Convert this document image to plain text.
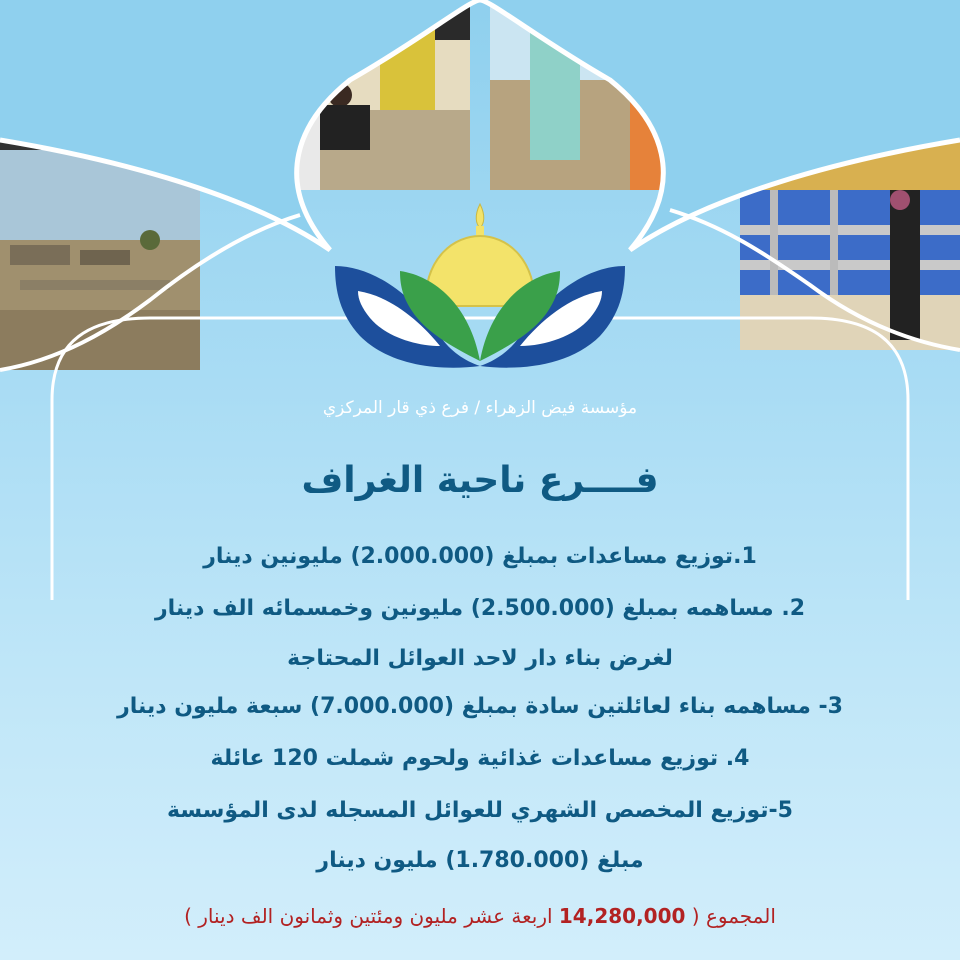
مؤسسة فيض الزهراء / فرع ذي قار المركزي
فــــرع ناحية الغراف
1.توزيع مساعدات بمبلغ (2.000.000) مليونين دينار
2. مساهمه بمبلغ (2.500.000) مليونين وخمسمائه الف دينار
لغرض بناء دار لاحد العوائل المحتاجة
3- مساهمه بناء لعائلتين سادة بمبلغ (7.000.000) سبعة مليون دينار
4. توزيع مساعدات غذائية ولحوم شملت 120 عائلة
5-توزيع المخصص الشهري للعوائل المسجله لدى المؤسسة
مبلغ (1.780.000) مليون دينار
المجموع ( 14,280,000 اربعة عشر مليون ومئتين وثمانون الف دينار )
